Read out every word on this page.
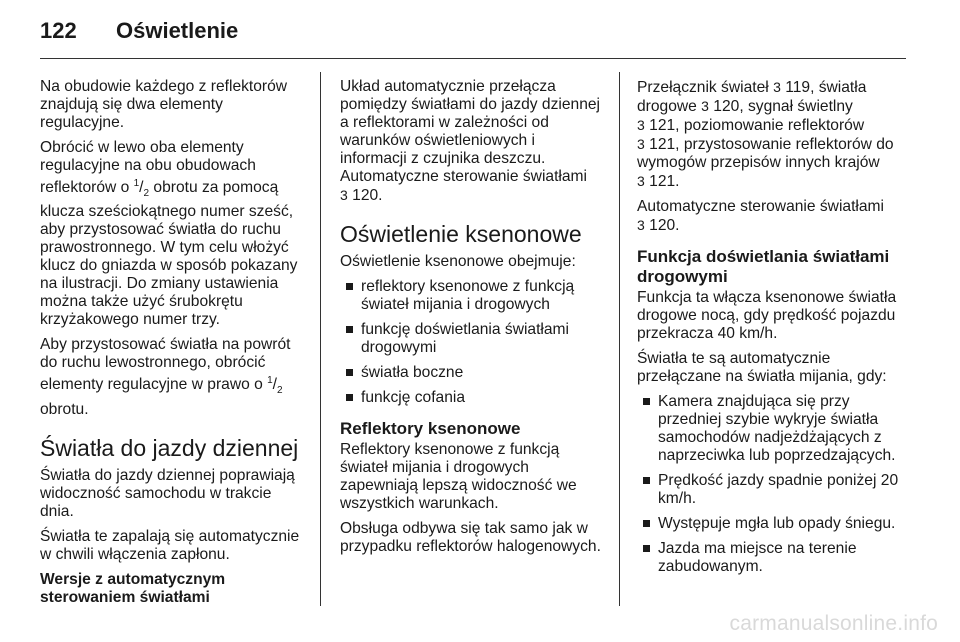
122	Oświetlenie

Na obudowie każdego z reflektorów znajdują się dwa elementy regulacyjne.

Obrócić w lewo oba elementy regulacyjne na obu obudowach reflektorów o $^1/_2$ obrotu za pomocą klucza sześciokątnego numer sześć, aby przystosować światła do ruchu prawostronnego. W tym celu włożyć klucz do gniazda w sposób pokazany na ilustracji. Do zmiany ustawienia można także użyć śrubokrętu krzyżakowego numer trzy.

Aby przystosować światła na powrót do ruchu lewostronnego, obrócić elementy regulacyjne w prawo o $^1/_2$
obrotu.

Światła do jazdy dziennej

Światła do jazdy dziennej poprawiają widoczność samochodu w trakcie dnia.

Światła te zapalają się automatycznie w chwili włączenia zapłonu.

Wersje z automatycznym sterowaniem światłami

Układ automatycznie przełącza pomiędzy światłami do jazdy dziennej a reflektorami w zależności od warunków oświetleniowych i informacji z czujnika deszczu. Automatyczne sterowanie światłami
3 120.

Oświetlenie ksenonowe

Oświetlenie ksenonowe obejmuje:

reflektory ksenonowe z funkcją świateł mijania i drogowych
funkcję doświetlania światłami drogowymi
światła boczne
funkcję cofania
Reflektory ksenonowe

Reflektory ksenonowe z funkcją świateł mijania i drogowych zapewniają lepszą widoczność we wszystkich warunkach.

Obsługa odbywa się tak samo jak w przypadku reflektorów halogenowych.

Przełącznik świateł 3 119, światła drogowe 3 120, sygnał świetlny
3 121, poziomowanie reflektorów
3 121, przystosowanie reflektorów do wymogów przepisów innych krajów
3 121.

Automatyczne sterowanie światłami
3 120.

Funkcja doświetlania światłami drogowymi

Funkcja ta włącza ksenonowe światła drogowe nocą, gdy prędkość pojazdu przekracza 40 km/h.

Światła te są automatycznie przełączane na światła mijania, gdy:

Kamera znajdująca się przy przedniej szybie wykryje światła samochodów nadjeżdżających z naprzeciwka lub poprzedzających.
Prędkość jazdy spadnie poniżej 20 km/h.
Występuje mgła lub opady śniegu.
Jazda ma miejsce na terenie zabudowanym.
carmanualsonline.info
